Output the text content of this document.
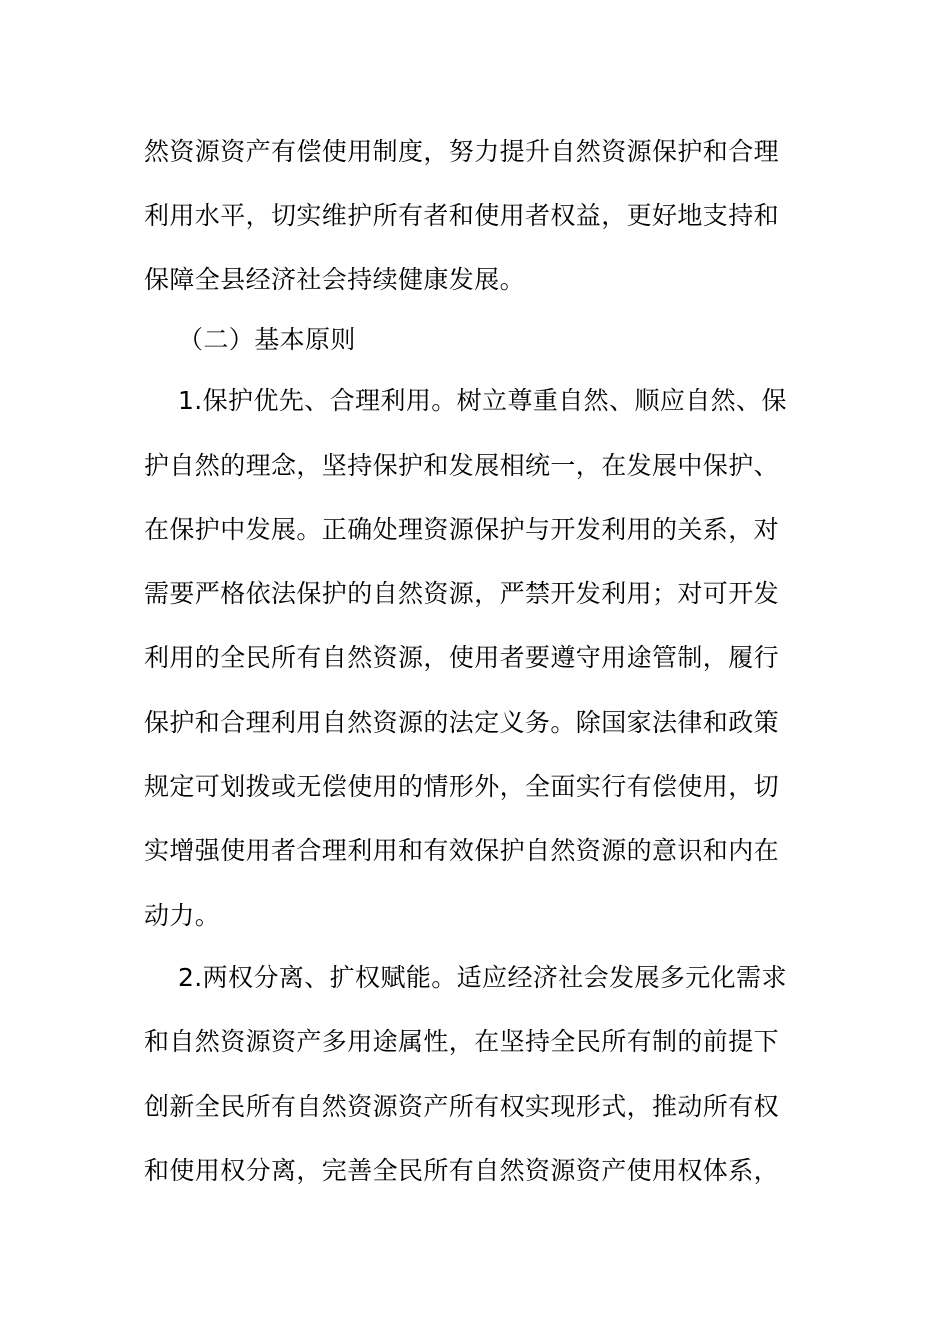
然资源资产有偿使用制度，努力提升自然资源保护和合理
利用水平，切实维护所有者和使用者权益，更好地支持和
保障全县经济社会持续健康发展。
（二）基本原则
1.保护优先、合理利用。树立尊重自然、顺应自然、保
护自然的理念，坚持保护和发展相统一，在发展中保护、
在保护中发展。正确处理资源保护与开发利用的关系，对
需要严格依法保护的自然资源，严禁开发利用；对可开发
利用的全民所有自然资源，使用者要遵守用途管制，履行
保护和合理利用自然资源的法定义务。除国家法律和政策
规定可划拨或无偿使用的情形外，全面实行有偿使用，切
实增强使用者合理利用和有效保护自然资源的意识和内在
动力。
2.两权分离、扩权赋能。适应经济社会发展多元化需求
和自然资源资产多用途属性，在坚持全民所有制的前提下
创新全民所有自然资源资产所有权实现形式，推动所有权
和使用权分离，完善全民所有自然资源资产使用权体系，
